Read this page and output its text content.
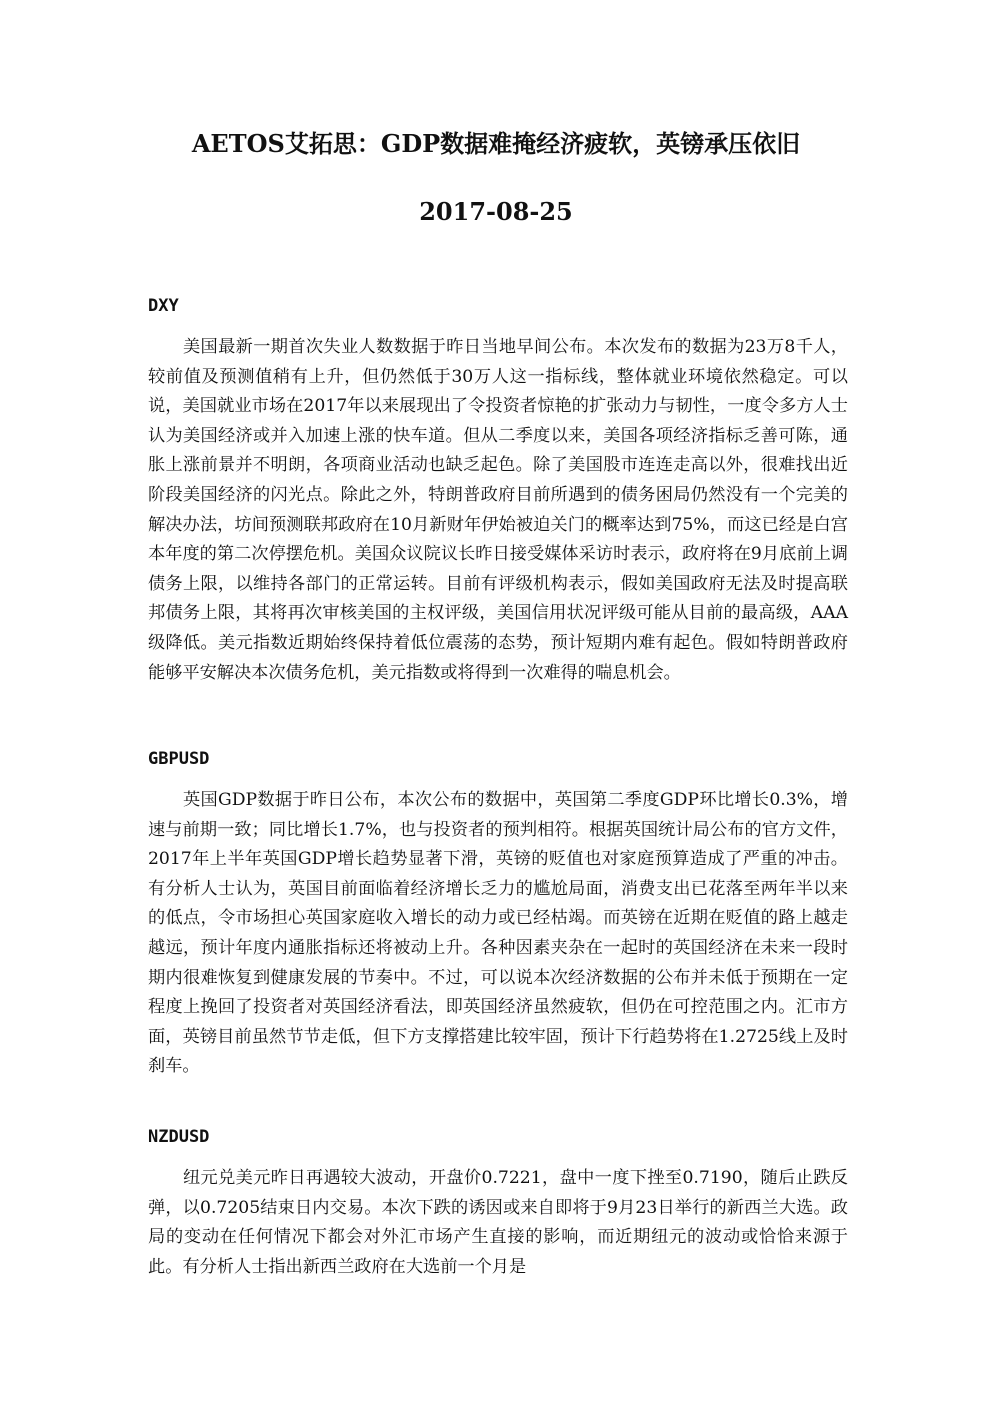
AETOS艾拓思：GDP数据难掩经济疲软，英镑承压依旧
2017-08-25
DXY

美国最新一期首次失业人数数据于昨日当地早间公布。本次发布的数据为23万8千人，较前值及预测值稍有上升，但仍然低于30万人这一指标线，整体就业环境依然稳定。可以说，美国就业市场在2017年以来展现出了令投资者惊艳的扩张动力与韧性，一度令多方人士认为美国经济或并入加速上涨的快车道。但从二季度以来，美国各项经济指标乏善可陈，通胀上涨前景并不明朗，各项商业活动也缺乏起色。除了美国股市连连走高以外，很难找出近阶段美国经济的闪光点。除此之外，特朗普政府目前所遇到的债务困局仍然没有一个完美的解决办法，坊间预测联邦政府在10月新财年伊始被迫关门的概率达到75%，而这已经是白宫本年度的第二次停摆危机。美国众议院议长昨日接受媒体采访时表示，政府将在9月底前上调债务上限，以维持各部门的正常运转。目前有评级机构表示，假如美国政府无法及时提高联邦债务上限，其将再次审核美国的主权评级，美国信用状况评级可能从目前的最高级，AAA级降低。美元指数近期始终保持着低位震荡的态势，预计短期内难有起色。假如特朗普政府能够平安解决本次债务危机，美元指数或将得到一次难得的喘息机会。

GBPUSD

英国GDP数据于昨日公布，本次公布的数据中，英国第二季度GDP环比增长0.3%，增速与前期一致；同比增长1.7%，也与投资者的预判相符。根据英国统计局公布的官方文件，2017年上半年英国GDP增长趋势显著下滑，英镑的贬值也对家庭预算造成了严重的冲击。有分析人士认为，英国目前面临着经济增长乏力的尴尬局面，消费支出已花落至两年半以来的低点，令市场担心英国家庭收入增长的动力或已经枯竭。而英镑在近期在贬值的路上越走越远，预计年度内通胀指标还将被动上升。各种因素夹杂在一起时的英国经济在未来一段时期内很难恢复到健康发展的节奏中。不过，可以说本次经济数据的公布并未低于预期在一定程度上挽回了投资者对英国经济看法，即英国经济虽然疲软，但仍在可控范围之内。汇市方面，英镑目前虽然节节走低，但下方支撑搭建比较牢固，预计下行趋势将在1.2725线上及时刹车。

NZDUSD

纽元兑美元昨日再遇较大波动，开盘价0.7221，盘中一度下挫至0.7190，随后止跌反弹，以0.7205结束日内交易。本次下跌的诱因或来自即将于9月23日举行的新西兰大选。政局的变动在任何情况下都会对外汇市场产生直接的影响，而近期纽元的波动或恰恰来源于此。有分析人士指出新西兰政府在大选前一个月是
